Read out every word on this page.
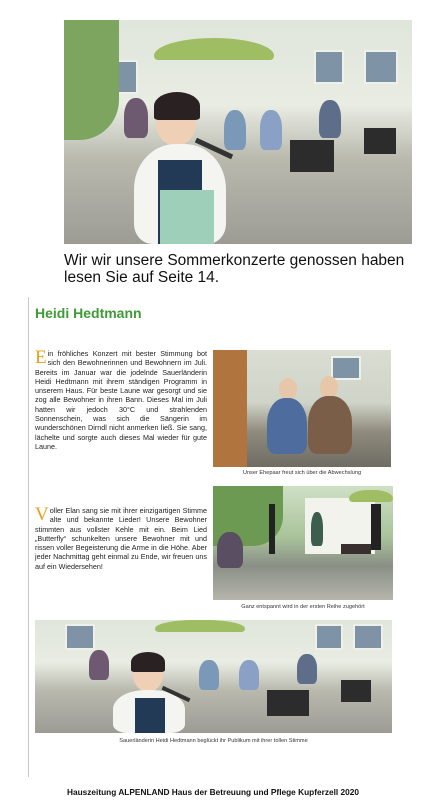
Wir wir unsere Sommerkonzerte genossen haben lesen Sie auf Seite 14.
Heidi Hedtmann
Ein fröhliches Konzert mit bester Stimmung bot sich den Bewohnerinnen und Bewohnern im Juli. Bereits im Januar war die jodelnde Sauerländerin Heidi Hedtmann mit ihrem ständigen Programm in unserem Haus. Für beste Laune war gesorgt und sie zog alle Bewohner in ihren Bann. Dieses Mal im Juli hatten wir jedoch 30°C und strahlenden Sonnenschein, was sich die Sängerin im wunderschönen Dirndl nicht anmerken ließ. Sie sang, lächelte und sorgte auch dieses Mal wieder für gute Laune.
Voller Elan sang sie mit ihrer einzigartigen Stimme alte und bekannte Lieder! Unsere Bewohner stimmten aus vollster Kehle mit ein. Beim Lied „Butterfly“ schunkelten unsere Bewohner mit und rissen voller Begeisterung die Arme in die Höhe. Aber jeder Nachmittag geht einmal zu Ende, wir freuen uns auf ein Wiedersehen!
Unser Ehepaar freut sich über die Abwechslung
Ganz entspannt wird in der ersten Reihe zugehört
Sauerländerin Heidi Hedtmann beglückt ihr Publikum mit ihrer tollen Stimme
Hauszeitung ALPENLAND Haus der Betreuung und Pflege Kupferzell 2020
